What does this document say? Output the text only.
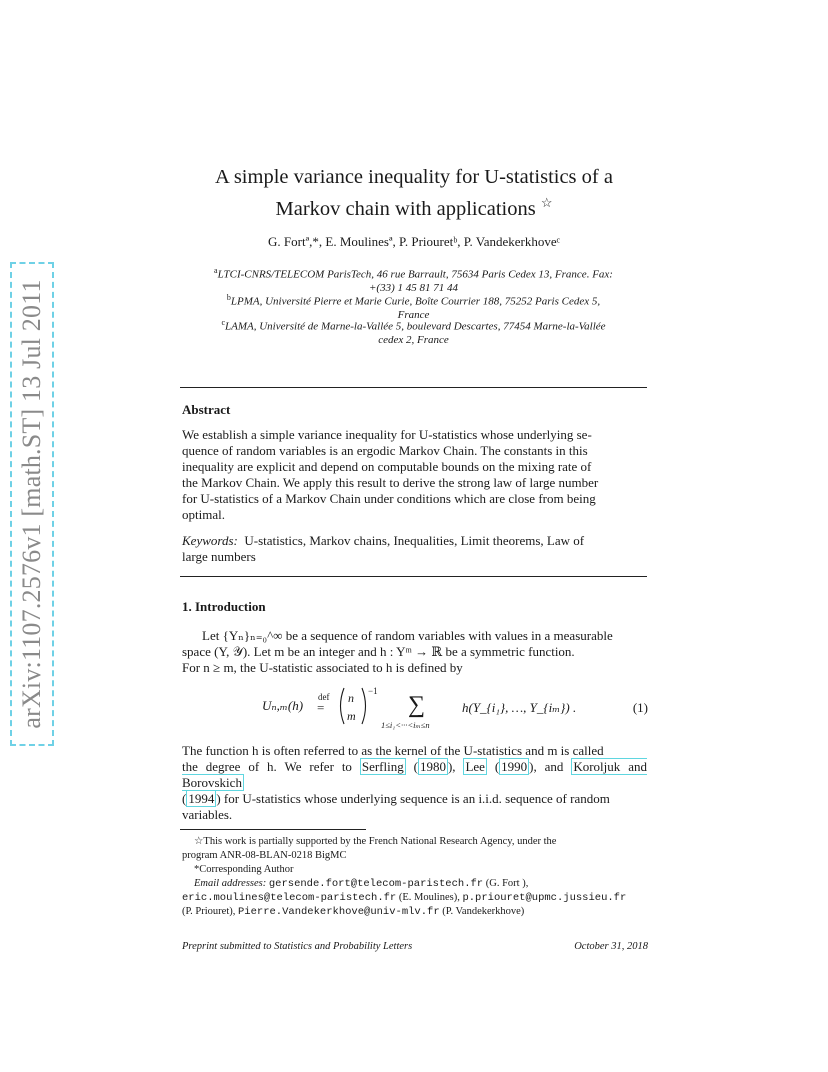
arXiv:1107.2576v1 [math.ST] 13 Jul 2011
A simple variance inequality for U-statistics of a
Markov chain with applications ☆
G. Fortª,*, E. Moulinesª, P. Priouretᵇ, P. Vandekerkhoveᶜ
$^a$LTCI-CNRS/TELECOM ParisTech, 46 rue Barrault, 75634 Paris Cedex 13, France. Fax:
+(33) 1 45 81 71 44
$^b$LPMA, Université Pierre et Marie Curie, Boîte Courrier 188, 75252 Paris Cedex 5,
France
$^c$LAMA, Université de Marne-la-Vallée 5, boulevard Descartes, 77454 Marne-la-Vallée
cedex 2, France
Abstract
We establish a simple variance inequality for U-statistics whose underlying se-
quence of random variables is an ergodic Markov Chain. The constants in this
inequality are explicit and depend on computable bounds on the mixing rate of
the Markov Chain. We apply this result to derive the strong law of large number
for U-statistics of a Markov Chain under conditions which are close from being
optimal.
Keywords: U-statistics, Markov chains, Inequalities, Limit theorems, Law of
large numbers
1. Introduction
Let {Yₙ}ₙ₌₀^∞ be a sequence of random variables with values in a measurable
space (Y, 𝒴). Let m be an integer and h : Yᵐ → ℝ be a symmetric function.
For n ≥ m, the U-statistic associated to h is defined by
Uₙ,ₘ(h)
def
=
n
m
−1
∑
1≤i₁<···<iₘ≤n
h(Y_{i₁}, …, Y_{iₘ}) .	(1)
The function h is often referred to as the kernel of the U-statistics and m is called
the degree of h. We refer to Serfling ( 1980 ), Lee ( 1990 ), and Koroljuk and Borovskich
( 1994 ) for U-statistics whose underlying sequence is an i.i.d. sequence of random
variables.
☆This work is partially supported by the French National Research Agency, under the
program ANR-08-BLAN-0218 BigMC
*Corresponding Author
Email addresses: gersende.fort@telecom-paristech.fr (G. Fort ),
eric.moulines@telecom-paristech.fr (E. Moulines), p.priouret@upmc.jussieu.fr
(P. Priouret), Pierre.Vandekerkhove@univ-mlv.fr (P. Vandekerkhove)
Preprint submitted to Statistics and Probability Letters	October 31, 2018
